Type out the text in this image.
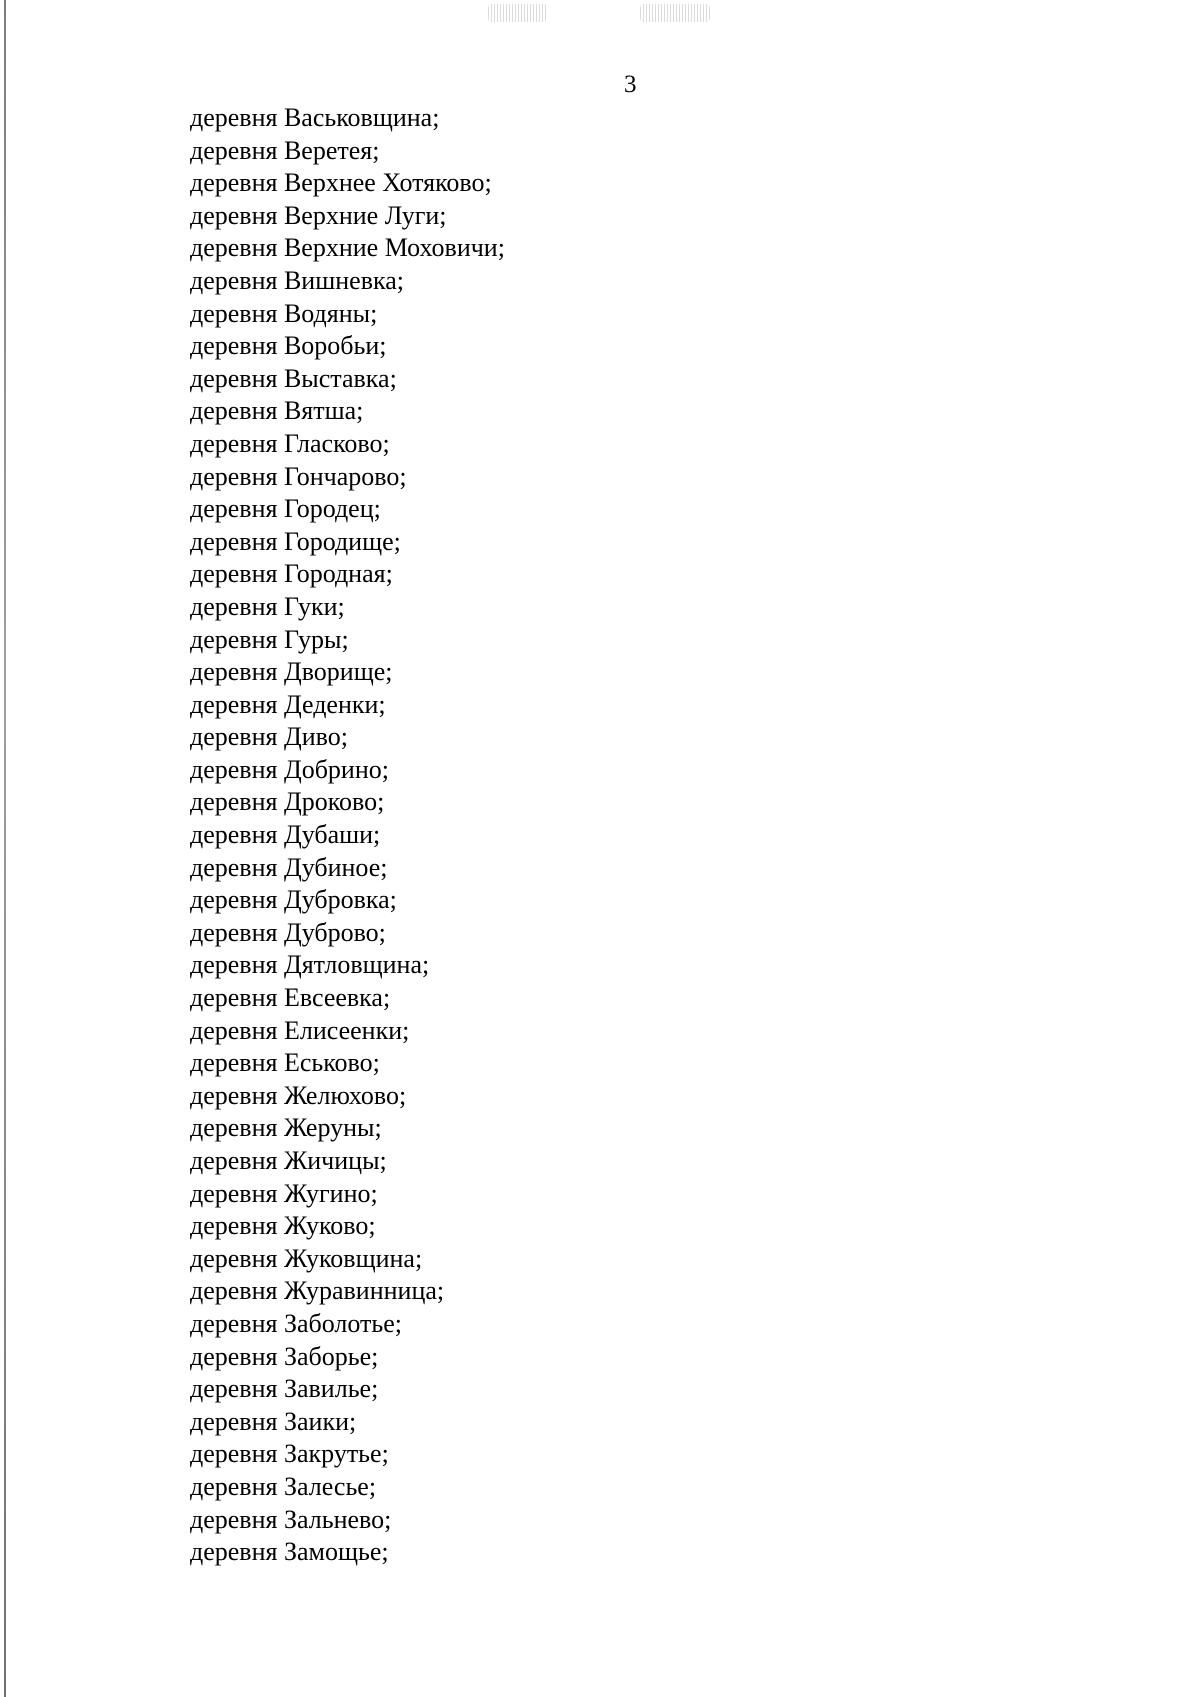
3
деревня Васьковщина;
деревня Веретея;
деревня Верхнее Хотяково;
деревня Верхние Луги;
деревня Верхние Моховичи;
деревня Вишневка;
деревня Водяны;
деревня Воробьи;
деревня Выставка;
деревня Вятша;
деревня Гласково;
деревня Гончарово;
деревня Городец;
деревня Городище;
деревня Городная;
деревня Гуки;
деревня Гуры;
деревня Дворище;
деревня Деденки;
деревня Диво;
деревня Добрино;
деревня Дроково;
деревня Дубаши;
деревня Дубиное;
деревня Дубровка;
деревня Дуброво;
деревня Дятловщина;
деревня Евсеевка;
деревня Елисеенки;
деревня Еськово;
деревня Желюхово;
деревня Жеруны;
деревня Жичицы;
деревня Жугино;
деревня Жуково;
деревня Жуковщина;
деревня Журавинница;
деревня Заболотье;
деревня Заборье;
деревня Завилье;
деревня Заики;
деревня Закрутье;
деревня Залесье;
деревня Зальнево;
деревня Замощье;
